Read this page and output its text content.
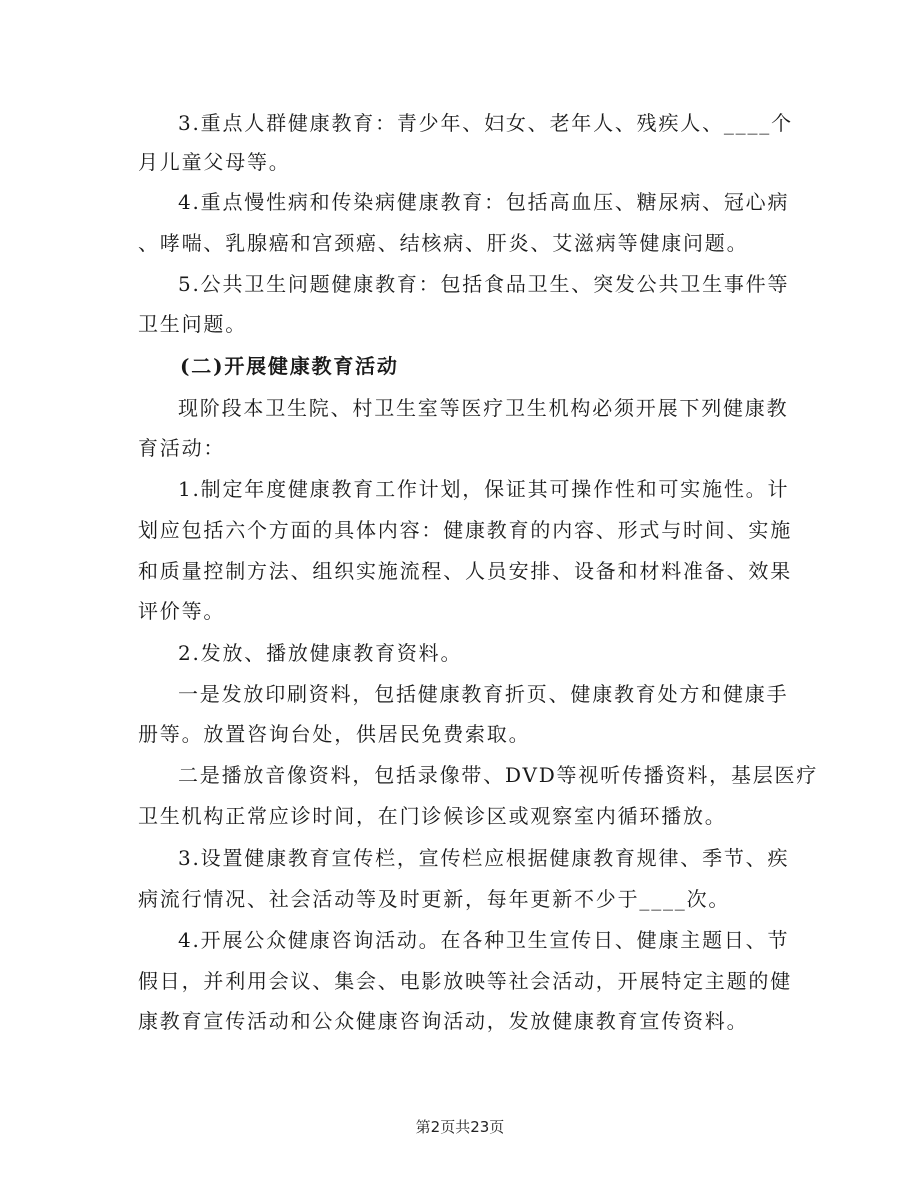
3.重点人群健康教育：青少年、妇女、老年人、残疾人、____个
月儿童父母等。
4.重点慢性病和传染病健康教育：包括高血压、糖尿病、冠心病
、哮喘、乳腺癌和宫颈癌、结核病、肝炎、艾滋病等健康问题。
5.公共卫生问题健康教育：包括食品卫生、突发公共卫生事件等
卫生问题。
(二)开展健康教育活动
现阶段本卫生院、村卫生室等医疗卫生机构必须开展下列健康教
育活动：
1.制定年度健康教育工作计划，保证其可操作性和可实施性。计
划应包括六个方面的具体内容：健康教育的内容、形式与时间、实施
和质量控制方法、组织实施流程、人员安排、设备和材料准备、效果
评价等。
2.发放、播放健康教育资料。
一是发放印刷资料，包括健康教育折页、健康教育处方和健康手
册等。放置咨询台处，供居民免费索取。
二是播放音像资料，包括录像带、DVD等视听传播资料，基层医疗
卫生机构正常应诊时间，在门诊候诊区或观察室内循环播放。
3.设置健康教育宣传栏，宣传栏应根据健康教育规律、季节、疾
病流行情况、社会活动等及时更新，每年更新不少于____次。
4.开展公众健康咨询活动。在各种卫生宣传日、健康主题日、节
假日，并利用会议、集会、电影放映等社会活动，开展特定主题的健
康教育宣传活动和公众健康咨询活动，发放健康教育宣传资料。
第2页共23页
